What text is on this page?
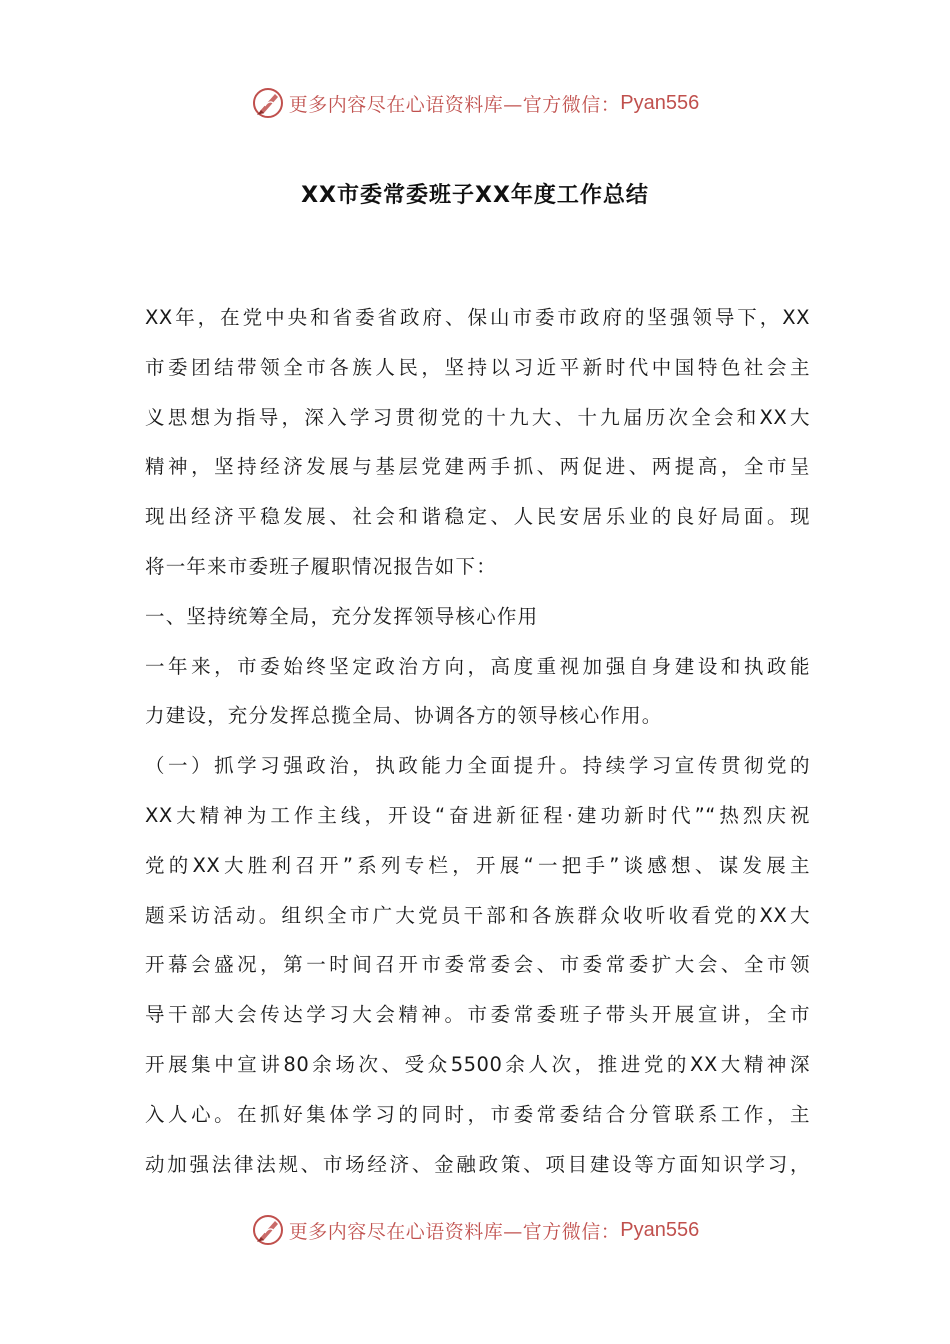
更多内容尽在心语资料库—官方微信： Pyan556
XX市委常委班子XX年度工作总结
XX年，在党中央和省委省政府、保山市委市政府的坚强领导下，XX
市委团结带领全市各族人民，坚持以习近平新时代中国特色社会主
义思想为指导，深入学习贯彻党的十九大、十九届历次全会和XX大
精神，坚持经济发展与基层党建两手抓、两促进、两提高，全市呈
现出经济平稳发展、社会和谐稳定、人民安居乐业的良好局面。现
将一年来市委班子履职情况报告如下：
一、坚持统筹全局，充分发挥领导核心作用
一年来，市委始终坚定政治方向，高度重视加强自身建设和执政能
力建设，充分发挥总揽全局、协调各方的领导核心作用。
（一）抓学习强政治，执政能力全面提升。持续学习宣传贯彻党的
XX大精神为工作主线，开设“奋进新征程·建功新时代”“热烈庆祝
党的XX大胜利召开”系列专栏，开展“一把手”谈感想、谋发展主
题采访活动。组织全市广大党员干部和各族群众收听收看党的XX大
开幕会盛况，第一时间召开市委常委会、市委常委扩大会、全市领
导干部大会传达学习大会精神。市委常委班子带头开展宣讲，全市
开展集中宣讲80余场次、受众5500余人次，推进党的XX大精神深
入人心。在抓好集体学习的同时，市委常委结合分管联系工作，主
动加强法律法规、市场经济、金融政策、项目建设等方面知识学习，
更多内容尽在心语资料库—官方微信： Pyan556
